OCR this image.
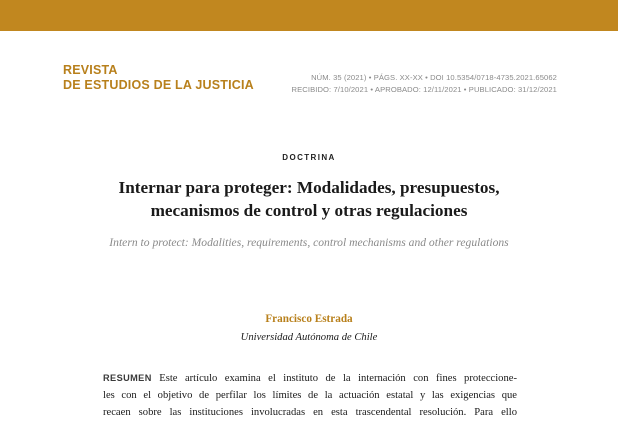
REVISTA
DE ESTUDIOS DE LA JUSTICIA
NÚM. 35 (2021) • PÁGS. XX-XX • DOI 10.5354/0718-4735.2021.65062
RECIBIDO: 7/10/2021 • APROBADO: 12/11/2021 • PUBLICADO: 31/12/2021
DOCTRINA
Internar para proteger: Modalidades, presupuestos,
mecanismos de control y otras regulaciones
Intern to protect: Modalities, requirements, control mechanisms and other regulations
Francisco Estrada
Universidad Autónoma de Chile
RESUMEN Este artículo examina el instituto de la internación con fines proteccione-
les con el objetivo de perfilar los límites de la actuación estatal y las exigencias que
recaen sobre las instituciones involucradas en esta trascendental resolución. Para ello
